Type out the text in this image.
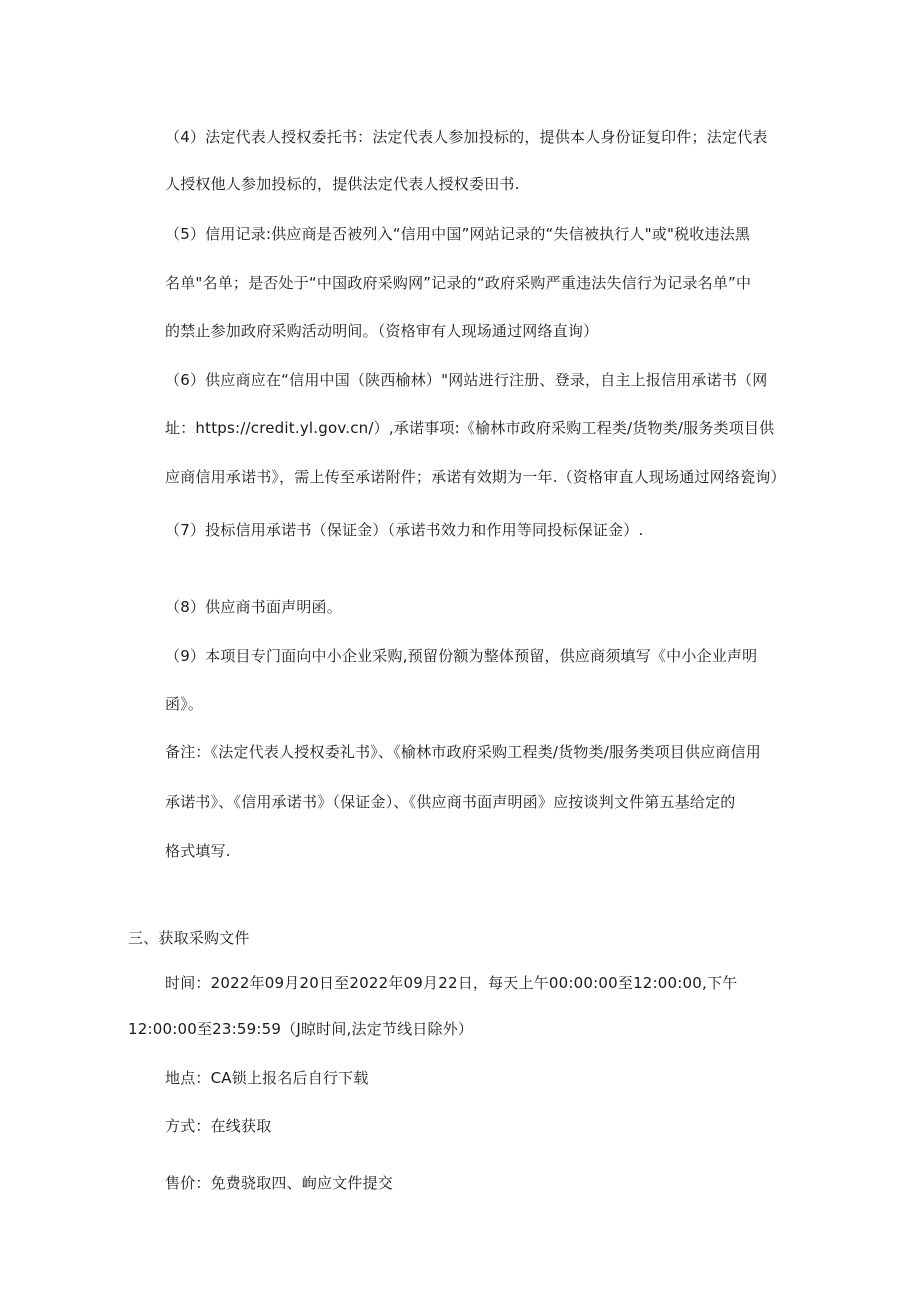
（4）法定代表人授权委托书：法定代表人参加投标的，提供本人身份证复印件；法定代表
人授权他人参加投标的，提供法定代表人授权委田书.
（5）信用记录:供应商是否被列入“信用中国”网站记录的“失信被执行人"或"税收违法黑
名单"名单；是否处于“中国政府采购网”记录的“政府采购严重违法失信行为记录名单”中
的禁止参加政府采购活动明间。（资格审有人现场通过网络直询）
（6）供应商应在“信用中国（陕西榆林）"网站进行注册、登录，自主上报信用承诺书（网
址：https://credit.yl.gov.cn/）,承诺事项:《榆林市政府采购工程类/货物类/服务类项目供
应商信用承诺书》，需上传至承诺附件；承诺有效期为一年.（资格审直人现场通过网络瓷询）
（7）投标信用承诺书（保证金）（承诺书效力和作用等同投标保证金）.
（8）供应商书面声明函。
（9）本项目专门面向中小企业采购,预留份额为整体预留，供应商须填写《中小企业声明
函》。
备注：《法定代表人授权委礼书》、《榆林市政府采购工程类/货物类/服务类项目供应商信用
承诺书》、《信用承诺书》（保证金）、《供应商书面声明函》应按谈判文件第五基给定的
格式填写.
三、获取采购文件
时间：2022年09月20日至2022年09月22日，每天上午00:00:00至12:00:00,下午
12:00:00至23:59:59（J晾时间,法定节线日除外）
地点：CA锁上报名后自行下载
方式：在线获取
售价：免费骁取四、峋应文件提交
